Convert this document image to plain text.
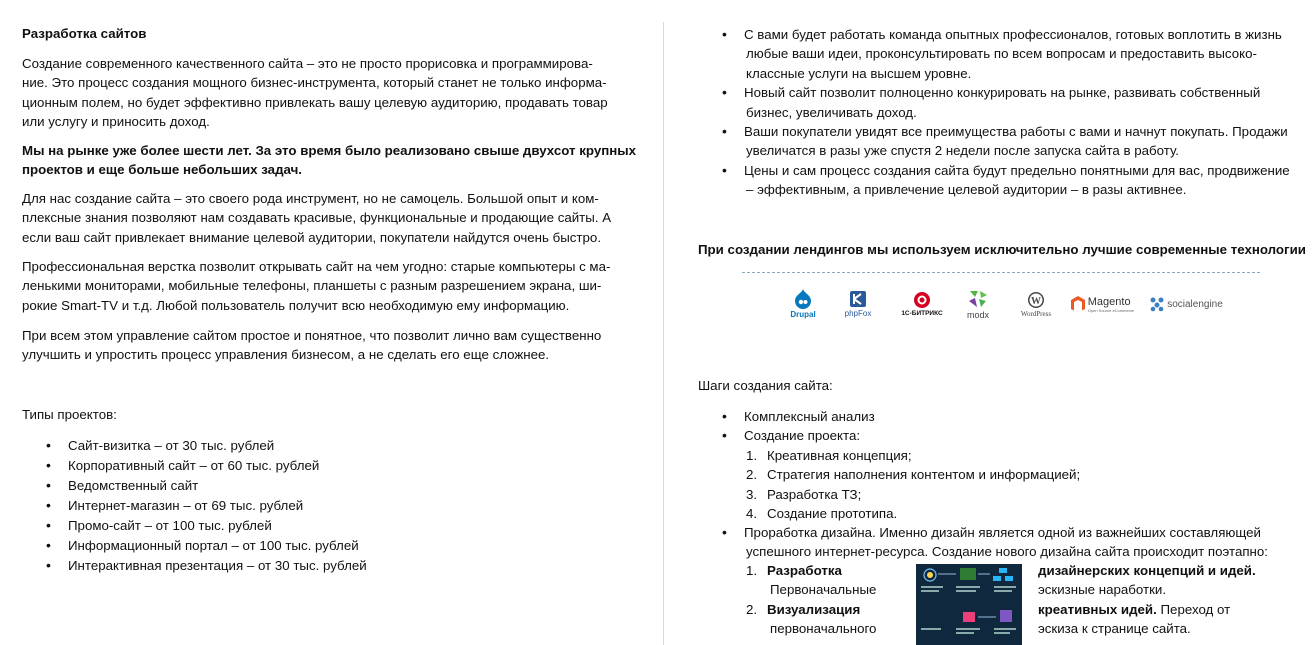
Разработка сайтов
Создание современного качественного сайта – это не просто прорисовка и программирова-
ние. Это процесс создания мощного бизнес-инструмента, который станет не только информа-
ционным полем, но будет эффективно привлекать вашу целевую аудиторию, продавать товар
или услугу и приносить доход.
Мы на рынке уже более шести лет. За это время было реализовано свыше двухсот крупных
проектов и еще больше небольших задач.
Для нас создание сайта – это своего рода инструмент, но не самоцель. Большой опыт и ком-
плексные знания позволяют нам создавать красивые, функциональные и продающие сайты. А
если ваш сайт привлекает внимание целевой аудитории, покупатели найдутся очень быстро.
Профессиональная верстка позволит открывать сайт на чем угодно: старые компьютеры с ма-
ленькими мониторами, мобильные телефоны, планшеты с разным разрешением экрана, ши-
рокие Smart-TV и т.д. Любой пользователь получит всю необходимую ему информацию.
При всем этом управление сайтом простое и понятное, что позволит лично вам существенно
улучшить и упростить процесс управления бизнесом, а не сделать его еще сложнее.
Типы проектов:
• Сайт-визитка – от 30 тыс. рублей
• Корпоративный сайт – от 60 тыс. рублей
• Ведомственный сайт
• Интернет-магазин – от 69 тыс. рублей
• Промо-сайт – от 100 тыс. рублей
• Информационный портал – от 100 тыс. рублей
• Интерактивная презентация – от 30 тыс. рублей
• С вами будет работать команда опытных профессионалов, готовых воплотить в жизнь
любые ваши идеи, проконсультировать по всем вопросам и предоставить высоко-
классные услуги на высшем уровне.
• Новый сайт позволит полноценно конкурировать на рынке, развивать собственный
бизнес, увеличивать доход.
• Ваши покупатели увидят все преимущества работы с вами и начнут покупать. Продажи
увеличатся в разы уже спустя 2 недели после запуска сайта в работу.
• Цены и сам процесс создания сайта будут предельно понятными для вас, продвижение
– эффективным, а привлечение целевой аудитории – в разы активнее.
При создании лендингов мы используем исключительно лучшие современные технологии
Drupal	phpFox	1С-БИТРИКС	modx
W
WordPress
Magento
Open Source eCommerce
socialengine
Шаги создания сайта:
• Комплексный анализ
• Создание проекта:
1. Креативная концепция;
2. Стратегия наполнения контентом и информацией;
3. Разработка ТЗ;
4. Создание прототипа.
• Проработка дизайна. Именно дизайн является одной из важнейших составляющей
успешного интернет-ресурса. Создание нового дизайна сайта происходит поэтапно:
1. Разработка
Первоначальные
2. Визуализация
первоначального
дизайнерских концепций и идей.
эскизные наработки.
креативных идей. Переход от
эскиза к странице сайта.
